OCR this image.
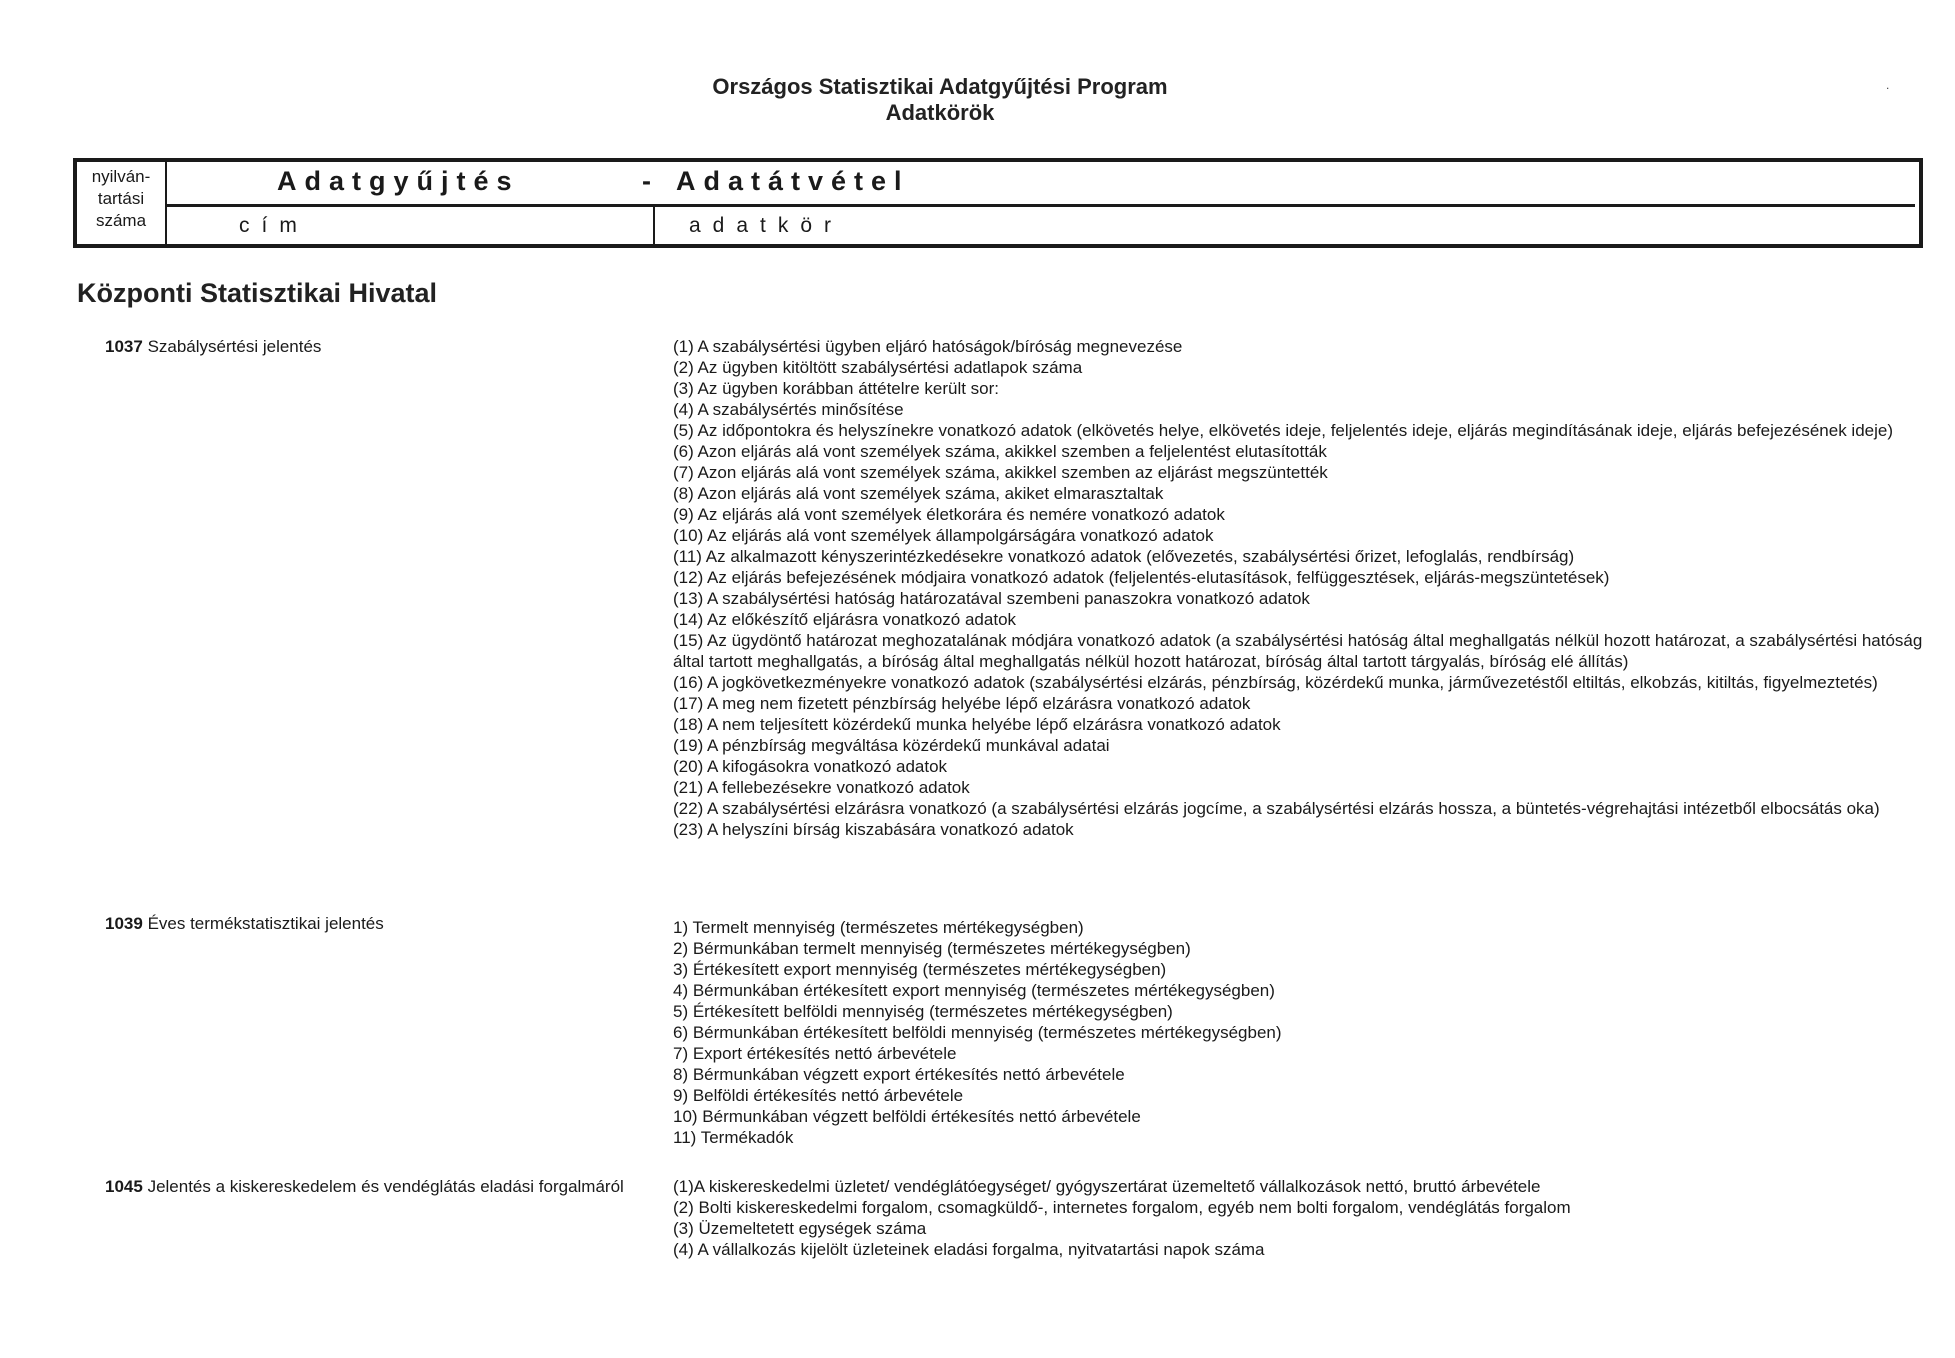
Országos Statisztikai Adatgyűjtési Program
Adatkörök
.
nyilván-
tartási
száma
Adatgyűjtés	- Adatátvétel
cím	adatkör
Központi Statisztikai Hivatal
1037 Szabálysértési jelentés	(1) A szabálysértési ügyben eljáró hatóságok/bíróság megnevezése
(2) Az ügyben kitöltött szabálysértési adatlapok száma
(3) Az ügyben korábban áttételre került sor:
(4) A szabálysértés minősítése
(5) Az időpontokra és helyszínekre vonatkozó adatok (elkövetés helye, elkövetés ideje, feljelentés ideje, eljárás megindításának ideje, eljárás befejezésének ideje)
(6) Azon eljárás alá vont személyek száma, akikkel szemben a feljelentést elutasították
(7) Azon eljárás alá vont személyek száma, akikkel szemben az eljárást megszüntették
(8) Azon eljárás alá vont személyek száma, akiket elmarasztaltak
(9) Az eljárás alá vont személyek életkorára és nemére vonatkozó adatok
(10) Az eljárás alá vont személyek állampolgárságára vonatkozó adatok
(11) Az alkalmazott kényszerintézkedésekre vonatkozó adatok (elővezetés, szabálysértési őrizet, lefoglalás, rendbírság)
(12) Az eljárás befejezésének módjaira vonatkozó adatok (feljelentés-elutasítások, felfüggesztések, eljárás-megszüntetések)
(13) A szabálysértési hatóság határozatával szembeni panaszokra vonatkozó adatok
(14) Az előkészítő eljárásra vonatkozó adatok
(15) Az ügydöntő határozat meghozatalának módjára vonatkozó adatok (a szabálysértési hatóság által meghallgatás nélkül hozott határozat, a szabálysértési hatóság által tartott meghallgatás, a bíróság által meghallgatás nélkül hozott határozat, bíróság által tartott tárgyalás, bíróság elé állítás)
(16) A jogkövetkezményekre vonatkozó adatok (szabálysértési elzárás, pénzbírság, közérdekű munka, járművezetéstől eltiltás, elkobzás, kitiltás, figyelmeztetés)
(17) A meg nem fizetett pénzbírság helyébe lépő elzárásra vonatkozó adatok
(18) A nem teljesített közérdekű munka helyébe lépő elzárásra vonatkozó adatok
(19) A pénzbírság megváltása közérdekű munkával adatai
(20) A kifogásokra vonatkozó adatok
(21) A fellebezésekre vonatkozó adatok
(22) A szabálysértési elzárásra vonatkozó (a szabálysértési elzárás jogcíme, a szabálysértési elzárás hossza, a büntetés-végrehajtási intézetből elbocsátás oka)
(23) A helyszíni bírság kiszabására vonatkozó adatok
1039 Éves termékstatisztikai jelentés	1) Termelt mennyiség (természetes mértékegységben)
2) Bérmunkában termelt mennyiség (természetes mértékegységben)
3) Értékesített export mennyiség (természetes mértékegységben)
4) Bérmunkában értékesített export mennyiség (természetes mértékegységben)
5) Értékesített belföldi mennyiség (természetes mértékegységben)
6) Bérmunkában értékesített belföldi mennyiség (természetes mértékegységben)
7) Export értékesítés nettó árbevétele
8) Bérmunkában végzett export értékesítés nettó árbevétele
9) Belföldi értékesítés nettó árbevétele
10) Bérmunkában végzett belföldi értékesítés nettó árbevétele
11) Termékadók
1045 Jelentés a kiskereskedelem és vendéglátás eladási forgalmáról	(1)A kiskereskedelmi üzletet/ vendéglátóegységet/ gyógyszertárat üzemeltető vállalkozások nettó, bruttó árbevétele
(2) Bolti kiskereskedelmi forgalom, csomagküldő-, internetes forgalom, egyéb nem bolti forgalom, vendéglátás forgalom
(3) Üzemeltetett egységek száma
(4) A vállalkozás kijelölt üzleteinek eladási forgalma, nyitvatartási napok száma
